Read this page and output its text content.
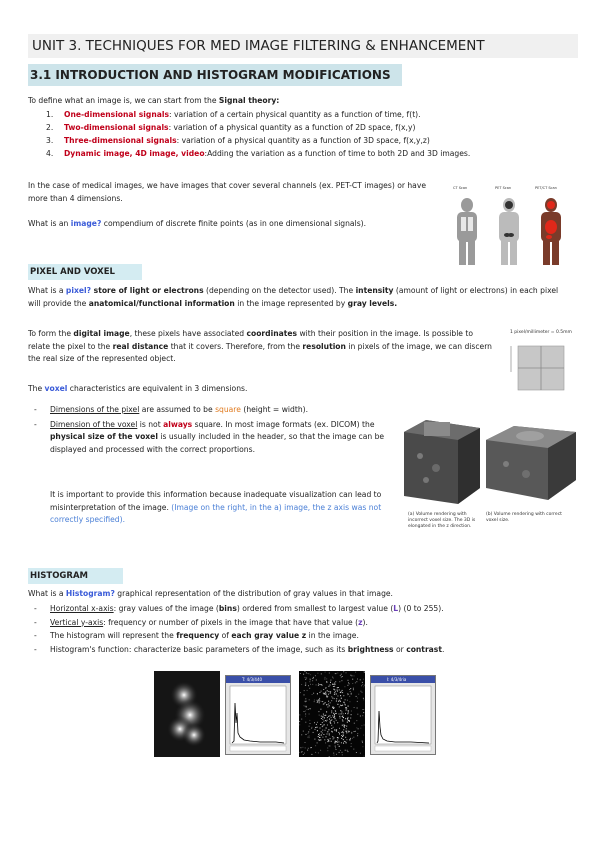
UNIT 3. TECHNIQUES FOR MED IMAGE FILTERING & ENHANCEMENT
3.1 INTRODUCTION AND HISTOGRAM MODIFICATIONS
To define what an image is, we can start from the Signal theory:
1. One-dimensional signals: variation of a certain physical quantity as a function of time, f(t).
2. Two-dimensional signals: variation of a physical quantity as a function of 2D space, f(x,y)
3. Three-dimensional signals: variation of a physical quantity as a function of 3D space, f(x,y,z)
4. Dynamic image, 4D image, video:Adding the variation as a function of time to both 2D and 3D images.
In the case of medical images, we have images that cover several channels (ex. PET-CT images) or have more than 4 dimensions.
What is an image? compendium of discrete finite points (as in one dimensional signals).
CT Scan	PET Scan	PET/CT Scan
PIXEL AND VOXEL
What is a pixel? store of light or electrons (depending on the detector used). The intensity (amount of light or electrons) in each pixel will provide the anatomical/functional information in the image represented by gray levels.
To form the digital image, these pixels have associated coordinates with their position in the image. Is possible to relate the pixel to the real distance that it covers. Therefore, from the resolution in pixels of the image, we can discern the real size of the represented object.
1 pixel/millimeter = 0.5mm
The voxel characteristics are equivalent in 3 dimensions.
- Dimensions of the pixel are assumed to be square (height = width).
- Dimension of the voxel is not always square. In most image formats (ex. DICOM) the physical size of the voxel is usually included in the header, so that the image can be displayed and processed with the correct proportions.
It is important to provide this information because inadequate visualization can lead to misinterpretation of the image. (Image on the right, in the a) image, the z axis was not correctly specified).
(a) Volume rendering with incorrect voxel size. The 3D is elongated in the z direction.
(b) Volume rendering with correct voxel size.
HISTOGRAM
What is a Histogram? graphical representation of the distribution of gray values in that image.
- Horizontal x-axis: gray values of the image (bins) ordered from smallest to largest value (L) (0 to 255).
- Vertical y-axis: frequency or number of pixels in the image that have that value (z).
- The histogram will represent the frequency of each gray value z in the image.
- Histogram's function: characterize basic parameters of the image, such as its brightness or contrast.
T: 4/3/440	I: 4/3/4ria
